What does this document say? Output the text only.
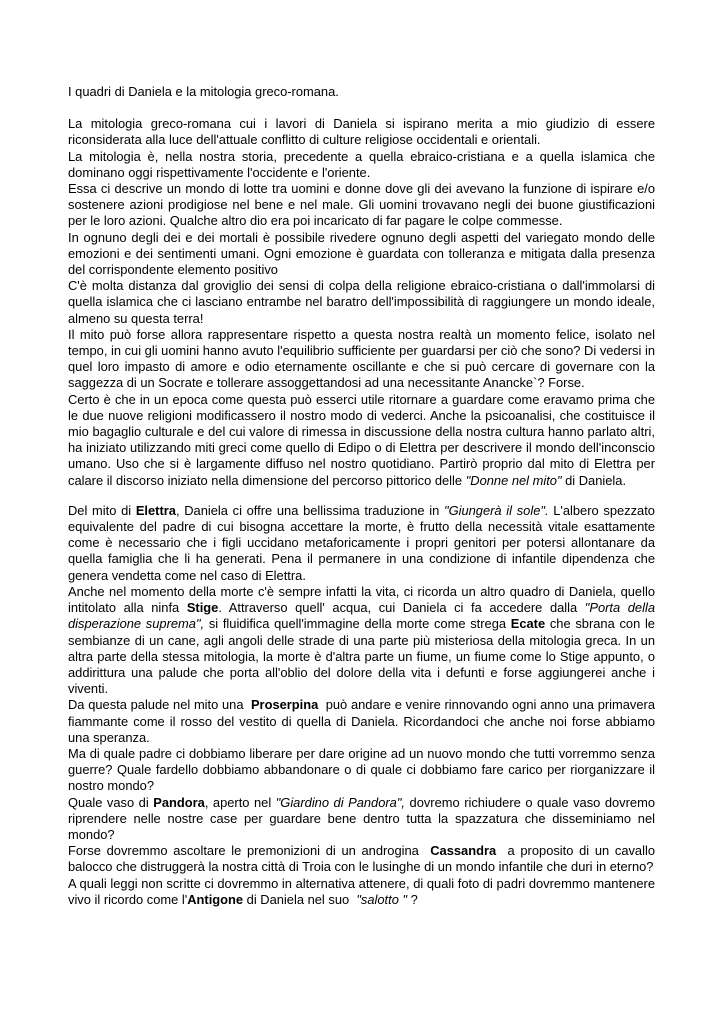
I quadri di Daniela e la mitologia greco-romana.

La mitologia greco-romana cui i lavori di Daniela si ispirano merita a mio giudizio di essere riconsiderata alla luce dell'attuale conflitto di culture religiose occidentali e orientali.

La mitologia è, nella nostra storia, precedente a quella ebraico-cristiana e a quella islamica che dominano oggi rispettivamente l'occidente e l'oriente.

Essa ci descrive un mondo di lotte tra uomini e donne dove gli dei avevano la funzione di ispirare e/o sostenere azioni prodigiose nel bene e nel male. Gli uomini trovavano negli dei buone giustificazioni per le loro azioni. Qualche altro dio era poi incaricato di far pagare le colpe commesse.

In ognuno degli dei e dei mortali è possibile rivedere ognuno degli aspetti del variegato mondo delle emozioni e dei sentimenti umani. Ogni emozione è guardata con tolleranza e mitigata dalla presenza del corrispondente elemento positivo

C'è molta distanza dal groviglio dei sensi di colpa della religione ebraico-cristiana o dall'immolarsi di quella islamica che ci lasciano entrambe nel baratro dell'impossibilità di raggiungere un mondo ideale, almeno su questa terra!

Il mito può forse allora rappresentare rispetto a questa nostra realtà un momento felice, isolato nel tempo, in cui gli uomini hanno avuto l'equilibrio sufficiente per guardarsi per ciò che sono? Di vedersi in quel loro impasto di amore e odio eternamente oscillante e che si può cercare di governare con la saggezza di un Socrate e tollerare assoggettandosi ad una necessitante Anancke`? Forse.

Certo è che in un epoca come questa può esserci utile ritornare a guardare come eravamo prima che le due nuove religioni modificassero il nostro modo di vederci. Anche la psicoanalisi, che costituisce il mio bagaglio culturale e del cui valore di rimessa in discussione della nostra cultura hanno parlato altri, ha iniziato utilizzando miti greci come quello di Edipo o di Elettra per descrivere il mondo dell'inconscio umano. Uso che si è largamente diffuso nel nostro quotidiano. Partirò proprio dal mito di Elettra per calare il discorso iniziato nella dimensione del percorso pittorico delle "Donne nel mito" di Daniela.

Del mito di Elettra, Daniela ci offre una bellissima traduzione in "Giungerà il sole". L'albero spezzato equivalente del padre di cui bisogna accettare la morte, è frutto della necessità vitale esattamente come è necessario che i figli uccidano metaforicamente i propri genitori per potersi allontanare da quella famiglia che li ha generati. Pena il permanere in una condizione di infantile dipendenza che genera vendetta come nel caso di Elettra.

Anche nel momento della morte c'è sempre infatti la vita, ci ricorda un altro quadro di Daniela, quello intitolato alla ninfa Stige. Attraverso quell' acqua, cui Daniela ci fa accedere dalla "Porta della disperazione suprema", si fluidifica quell'immagine della morte come strega Ecate che sbrana con le sembianze di un cane, agli angoli delle strade di una parte più misteriosa della mitologia greca. In un altra parte della stessa mitologia, la morte è d'altra parte un fiume, un fiume come lo Stige appunto, o addirittura una palude che porta all'oblio del dolore della vita i defunti e forse aggiungerei anche i viventi.

Da questa palude nel mito una  Proserpina  può andare e venire rinnovando ogni anno una primavera fiammante come il rosso del vestito di quella di Daniela. Ricordandoci che anche noi forse abbiamo una speranza.

Ma di quale padre ci dobbiamo liberare per dare origine ad un nuovo mondo che tutti vorremmo senza guerre? Quale fardello dobbiamo abbandonare o di quale ci dobbiamo fare carico per riorganizzare il nostro mondo?

Quale vaso di Pandora, aperto nel "Giardino di Pandora", dovremo richiudere o quale vaso dovremo riprendere nelle nostre case per guardare bene dentro tutta la spazzatura che disseminiamo nel mondo?

Forse dovremmo ascoltare le premonizioni di un androgina  Cassandra  a proposito di un cavallo balocco che distruggerà la nostra città di Troia con le lusinghe di un mondo infantile che duri in eterno?

A quali leggi non scritte ci dovremmo in alternativa attenere, di quali foto di padri dovremmo mantenere vivo il ricordo come l'Antigone di Daniela nel suo  "salotto " ?
